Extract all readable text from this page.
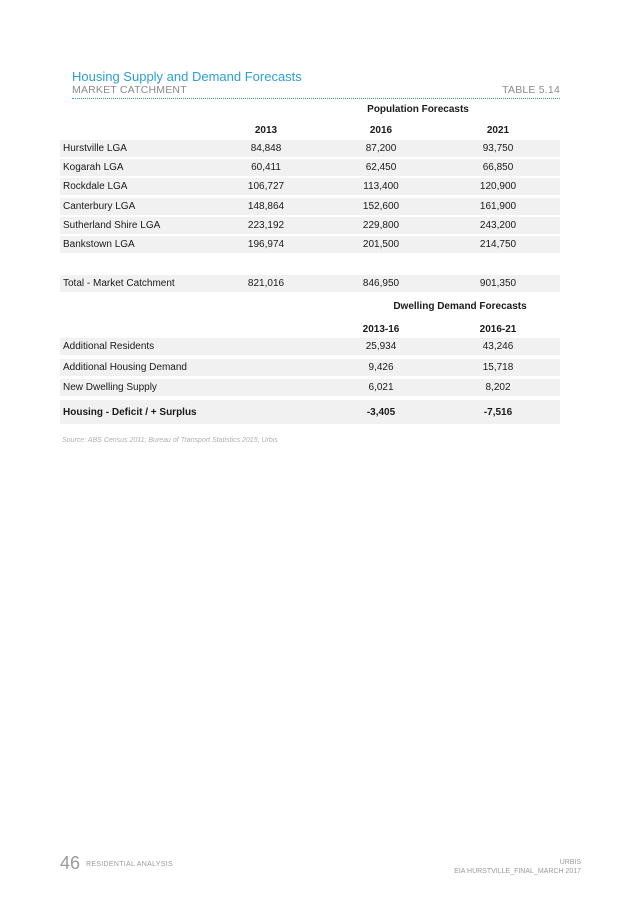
Housing Supply and Demand Forecasts
MARKET CATCHMENT	TABLE 5.14
Population Forecasts
2013	2016	2021
Hurstville LGA	84,848	87,200	93,750
Kogarah LGA	60,411	62,450	66,850
Rockdale LGA	106,727	113,400	120,900
Canterbury LGA	148,864	152,600	161,900
Sutherland Shire LGA	223,192	229,800	243,200
Bankstown LGA	196,974	201,500	214,750
Total - Market Catchment	821,016	846,950	901,350
Dwelling Demand Forecasts
2013-16	2016-21
Additional Residents	25,934	43,246
Additional Housing Demand	9,426	15,718
New Dwelling Supply	6,021	8,202
Housing - Deficit / + Surplus	-3,405	-7,516
Source: ABS Census 2011; Bureau of Transport Statistics 2015; Urbis
46 RESIDENTIAL ANALYSIS	URBIS
EIA HURSTVILLE_FINAL_MARCH 2017
